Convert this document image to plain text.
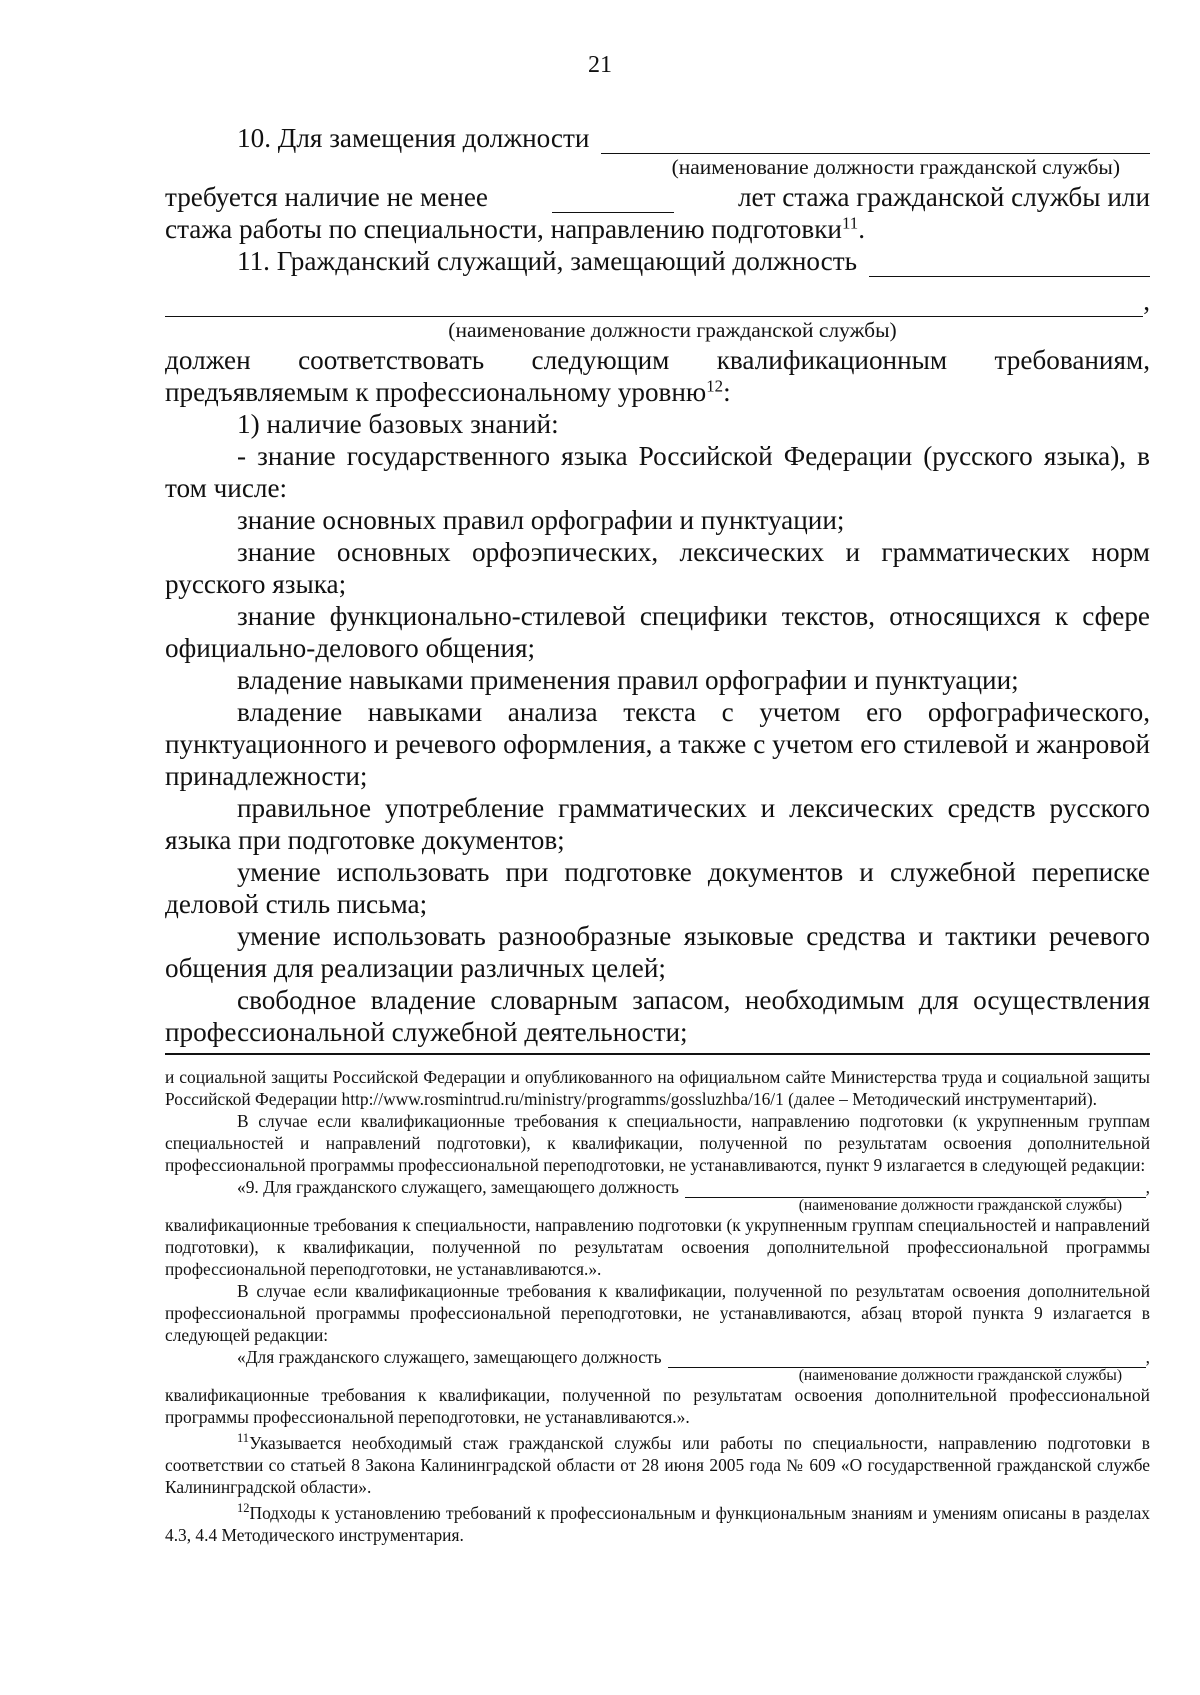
21
10. Для замещения должности
(наименование должности гражданской службы)
требуется наличие не менее	лет стажа гражданской службы или

стажа работы по специальности, направлению подготовки$^{11}$.

11. Гражданский служащий, замещающий должность
,
(наименование должности гражданской службы)

должен соответствовать следующим квалификационным требованиям,

предъявляемым к профессиональному уровню$^{12}$:

1) наличие базовых знаний:

- знание государственного языка Российской Федерации (русского языка), в том числе:

знание основных правил орфографии и пунктуации;

знание основных орфоэпических, лексических и грамматических норм русского языка;

знание функционально-стилевой специфики текстов, относящихся к сфере официально-делового общения;

владение навыками применения правил орфографии и пунктуации;

владение навыками анализа текста с учетом его орфографического, пунктуационного и речевого оформления, а также с учетом его стилевой и жанровой принадлежности;

правильное употребление грамматических и лексических средств русского языка при подготовке документов;

умение использовать при подготовке документов и служебной переписке деловой стиль письма;

умение использовать разнообразные языковые средства и тактики речевого общения для реализации различных целей;

свободное владение словарным запасом, необходимым для осуществления профессиональной служебной деятельности;

и социальной защиты Российской Федерации и опубликованного на официальном сайте Министерства труда и социальной защиты Российской Федерации http://www.rosmintrud.ru/ministry/programms/gossluzhba/16/1 (далее – Методический инструментарий).

В случае если квалификационные требования к специальности, направлению подготовки (к укрупненным группам специальностей и направлений подготовки), к квалификации, полученной по результатам освоения дополнительной профессиональной программы профессиональной переподготовки, не устанавливаются, пункт 9 излагается в следующей редакции:

«9. Для гражданского служащего, замещающего должность	,
(наименование должности гражданской службы)

квалификационные требования к специальности, направлению подготовки (к укрупненным группам специальностей и направлений подготовки), к квалификации, полученной по результатам освоения дополнительной профессиональной программы профессиональной переподготовки, не устанавливаются.».

В случае если квалификационные требования к квалификации, полученной по результатам освоения дополнительной профессиональной программы профессиональной переподготовки, не устанавливаются, абзац второй пункта 9 излагается в следующей редакции:

«Для гражданского служащего, замещающего должность	,
(наименование должности гражданской службы)

квалификационные требования к квалификации, полученной по результатам освоения дополнительной профессиональной программы профессиональной переподготовки, не устанавливаются.».

$^{11}$Указывается необходимый стаж гражданской службы или работы по специальности, направлению подготовки в соответствии со статьей 8 Закона Калининградской области от 28 июня 2005 года № 609 «О государственной гражданской службе Калининградской области».

$^{12}$Подходы к установлению требований к профессиональным и функциональным знаниям и умениям описаны в разделах 4.3, 4.4 Методического инструментария.
